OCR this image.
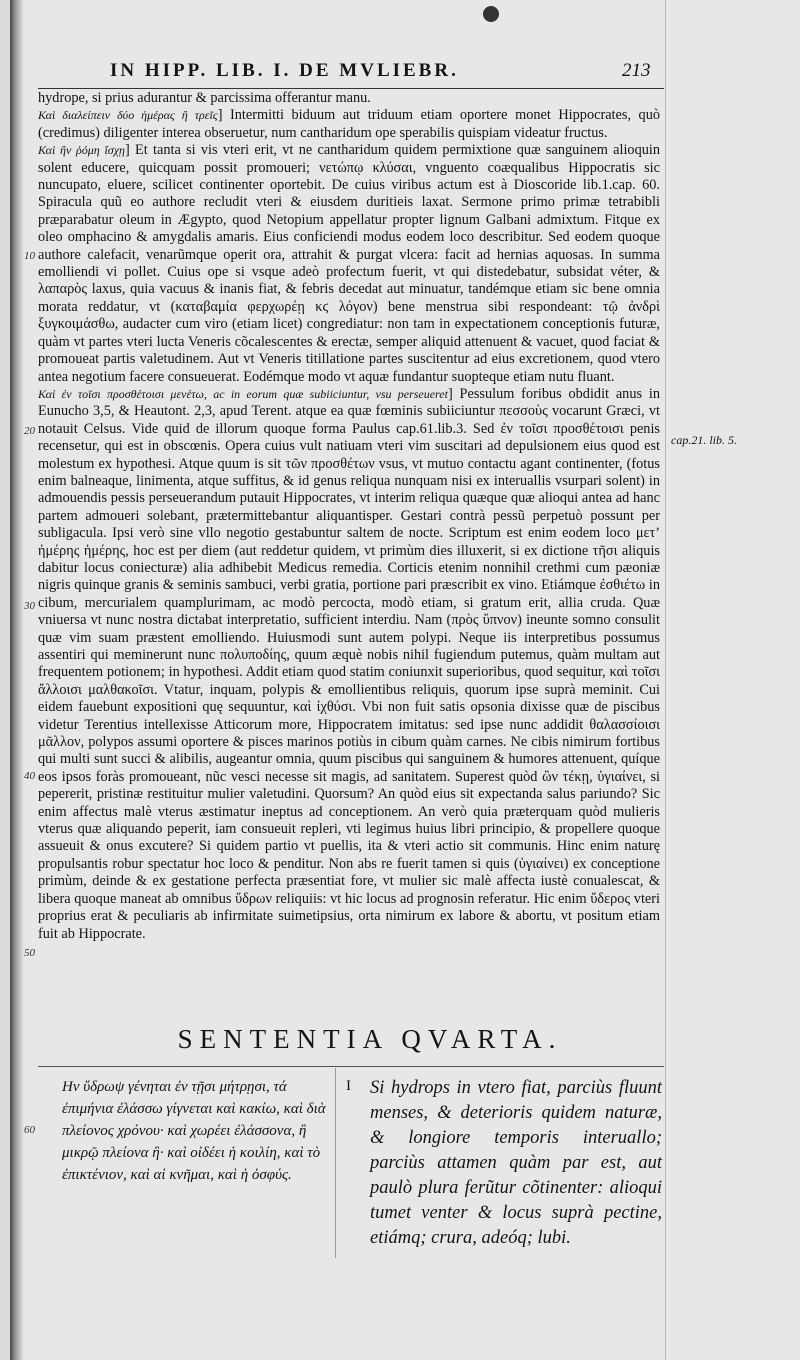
IN HIPP. LIB. I. DE MVLIEBR.	213

hydrope, si prius adurantur & parcissima offerantur manu.

Καὶ διαλείπειν δύο ἡμέρας ἢ τρεῖς] Intermitti biduum aut triduum etiam oportere monet Hippocrates, quò (credimus) diligenter interea obseruetur, num cantharidum ope sperabilis quispiam videatur fructus.

Καὶ ἢν ῥόμη ἴσχῃ] Et tanta si vis vteri erit, vt ne cantharidum quidem permixtione quæ sanguinem alioquin solent educere, quicquam possit promoueri; νετώπῳ κλύσαι, vnguento coæqualibus Hippocratis sic nuncupato, eluere, scilicet continenter oportebit. De cuius viribus actum est à Dioscoride lib.1.cap. 60. Spiracula quũ eo authore recludit vteri & eiusdem duritieis laxat. Sermone primo primæ tetrabibli præparabatur oleum in Ægypto, quod Netopium appellatur propter lignum Galbani admixtum. Fitque ex oleo omphacino & amygdalis amaris. Eius conficiendi modus eodem loco describitur. Sed eodem quoque authore calefacit, venarũmque operit ora, attrahit & purgat vlcera: facit ad hernias aquosas. In summa emolliendi vi pollet. Cuius ope si vsque adeò profectum fuerit, vt qui distedebatur, subsidat véter, & λαπαρὸς laxus, quia vacuus & inanis fiat, & febris decedat aut minuatur, tandémque etiam sic bene omnia morata reddatur, vt (καταβαμία φερχωρέῃ κϛ λόγον) bene menstrua sibi respondeant: τῷ ἀνδρὶ ξυγκοιμάσθω, audacter cum viro (etiam licet) congrediatur: non tam in expectationem conceptionis futuræ, quàm vt partes vteri lucta Veneris cõcalescentes & erectæ, semper aliquid attenuent & vacuet, quod faciat & promoueat partis valetudinem. Aut vt Veneris titillatione partes suscitentur ad eius excretionem, quod vtero antea negotium facere consueuerat. Eodémque modo vt aquæ fundantur suopteque etiam nutu fluant.

Καὶ ἐν τοῖσι προσθέτοισι μενέτω, ac in eorum quæ subiiciuntur, vsu perseueret] Pessulum foribus obdidit anus in Eunucho 3,5, & Heautont. 2,3, apud Terent. atque ea quæ fœminis subiiciuntur πεσσοὺς vocarunt Græci, vt notauit Celsus. Vide quid de illorum quoque forma Paulus cap.61.lib.3. Sed ἐν τοῖσι προσθέτοισι penis recensetur, qui est in obscœnis. Opera cuius vult natiuam vteri vim suscitari ad depulsionem eius quod est molestum ex hypothesi. Atque quum is sit τῶν προσθέτων vsus, vt mutuo contactu agant continenter, (fotus enim balneaque, linimenta, atque suffitus, & id genus reliqua nunquam nisi ex interuallis vsurpari solent) in admouendis pessis perseuerandum putauit Hippocrates, vt interim reliqua quæque quæ alioqui antea ad hanc partem admoueri solebant, prætermittebantur aliquantisper. Gestari contrà pessũ perpetuò possunt per subligacula. Ipsi verò sine vllo negotio gestabuntur saltem de nocte. Scriptum est enim eodem loco μετ’ ἡμέρης ἡμέρης, hoc est per diem (aut reddetur quidem, vt primùm dies illuxerit, si ex dictione τῆσι aliquis dabitur locus coniecturæ) alia adhibebit Medicus remedia. Corticis etenim nonnihil crethmi cum pæoniæ nigris quinque granis & seminis sambuci, verbi gratia, portione pari præscribit ex vino. Etiámque ἐσθιέτω in cibum, mercurialem quamplurimam, ac modò percocta, modò etiam, si gratum erit, allia cruda. Quæ vniuersa vt nunc nostra dictabat interpretatio, sufficient interdiu. Nam (πρὸς ὕπνον) ineunte somno consulit quæ vim suam præstent emolliendo. Huiusmodi sunt autem polypi. Neque iis interpretibus possumus assentiri qui meminerunt nunc πολυποδίης, quum æquè nobis nihil fugiendum putemus, quàm multam aut frequentem potionem; in hypothesi. Addit etiam quod statim coniunxit superioribus, quod sequitur, καὶ τοῖσι ἄλλοισι μαλθακοῖσι. Vtatur, inquam, polypis & emollientibus reliquis, quorum ipse suprà meminit. Cui eidem fauebunt expositioni quę sequuntur, καὶ ἰχθύσι. Vbi non fuit satis opsonia dixisse quæ de piscibus videtur Terentius intellexisse Atticorum more, Hippocratem imitatus: sed ipse nunc addidit θαλασσίοισι μᾶλλον, polypos assumi oportere & pisces marinos potiùs in cibum quàm carnes. Ne cibis nimirum fortibus qui multi sunt succi & alibilis, augeantur omnia, quum piscibus qui sanguinem & humores attenuent, quíque eos ipsos foràs promoueant, nũc vesci necesse sit magis, ad sanitatem. Superest quòd ὢν τέκῃ, ὑγιαίνει, si pepererit, pristinæ restituitur mulier valetudini. Quorsum? An quòd eius sit expectanda salus pariundo? Sic enim affectus malè vterus æstimatur ineptus ad conceptionem. An verò quia præterquam quòd mulieris vterus quæ aliquando peperit, iam consueuit repleri, vti legimus huius libri principio, & propellere quoque assueuit & onus excutere? Si quidem partio vt puellis, ita & vteri actio sit communis. Hinc enim naturę propulsantis robur spectatur hoc loco & penditur. Non abs re fuerit tamen si quis (ὑγιαίνει) ex conceptione primùm, deinde & ex gestatione perfecta præsentiat fore, vt mulier sic malè affecta iustè conualescat, & libera quoque maneat ab omnibus ὕδρων reliquiis: vt hic locus ad prognosin referatur. Hic enim ὕδερος vteri proprius erat & peculiaris ab infirmitate suimetipsius, orta nimirum ex labore & abortu, vt positum etiam fuit ab Hippocrate.

10
20
30
40
50
60
cap.21. lib. 5.
SENTENTIA QVARTA.
Ην ὕδρωψ γένηται ἐν τῇσι μήτρῃσι, τά ἐπιμήνια ἐλάσσω γίγνεται καὶ κακίω, καὶ διὰ πλείονος χρόνου· καὶ χωρέει ἐλάσσονα, ἢ μικρῷ πλείονα ἢ· καὶ οἰδέει ἡ κοιλίη, καὶ τὸ ἐπικτένιον, καὶ αἱ κνῆμαι, καὶ ἡ ὀσφύς.
I Si hydrops in vtero fiat, parciùs fluunt menses, & deterioris quidem naturæ, & longiore temporis interuallo; parciùs attamen quàm par est, aut paulò plura ferũtur cõtinenter: alioqui tumet venter & locus suprà pectine, etiámq; crura, adeóq; lubi.
